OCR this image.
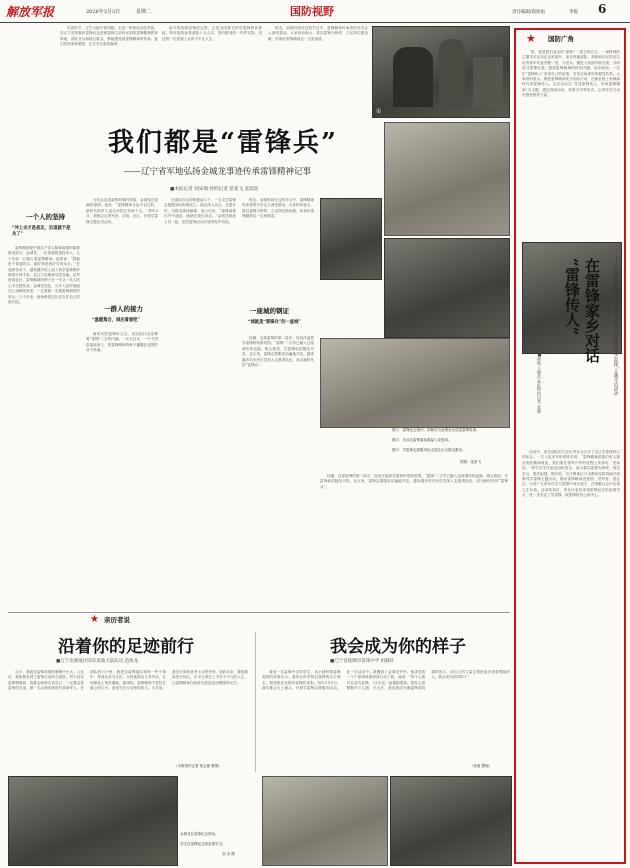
解放军报	2026年3月3日	星期二	国防视野	责任编辑/郑欣雨	李悦 6
早春时节，辽宁大地乍寒回暖。走进一军营间大队军营，在辽宁省抚顺市雷锋纪念馆和雷锋生前所在团的雷锋精神教育阵地，部队官兵和辖区群众，都能感受到雷锋精神的传承。他们的故事和感悟，正在书写新的篇章。
如今的抚顺雷锋纪念馆，已是全国著名的学雷锋教育基地，每年接待参观者数十万人次。馆内陈列的一件件实物，讲述着一位普通士兵的不平凡人生。
校友。前段时间在这档节目中，雷锋精神传承者的分享让人深受感动。大家纷纷表示，要以雷锋为榜样，立足岗位做贡献，传承好雷锋精神这一宝贵财富。
①
我们都是“雷锋兵”
——辽宁省军地弘扬金城龙事迹传承雷锋精神记事
■本报记者 刘宋瑞 特约记者 范希飞 袁琰琰
一个人的坚持
“冲上去才是战友，后退就不是兵了”
雷锋精神是中国共产党人精神谱系的重要组成部分。金城龙，一位普通的退役军人，几十年如一日践行着雷锋精神。他常说：“我就是个普通的兵，做好事是我应尽的本分。”在他的带动下，越来越多的人加入到学雷锋做好事的行列中来。从辽宁抚顺到全国各地，从军营到社区，雷锋精神的种子在一代又一代人的心中生根发芽。金城龙回忆，当年入伍时他就在心里暗暗发誓，一定要做一名像雷锋那样的好兵。几十年来，他始终把这句话当作自己的座右铭。
为官兵讲述雷锋故事的时候，金城龙总是满怀深情。他说：“雷锋精神永远不会过时，新时代的军人更应该把它传承下去。”每年3月，他都会走进军营、学校、社区，开展学雷锋主题宣讲活动。
一群人的接力
“温暖集合，城充着爱吧”
新时代的雷锋传人们，用实际行动诠释着“雷锋”二字的内涵。一名名官兵、一个个团队接续奋斗，把雷锋精神的种子播撒在祖国的各个角落。
在部队官兵的积极参与下，一支支学雷锋志愿服务队相继成立。他们深入社区、走进乡村，为群众排忧解难。战士们说：“雷锋离我们并不遥远，他就在我们身边。”金城龙和战士们一起，把学雷锋活动开展得有声有色。
校友。前段时间在这档节目中，雷锋精神传承者的分享让人深受感动。大家纷纷表示，要以雷锋为榜样，立足岗位做贡献，传承好雷锋精神这一宝贵财富。
一座城的钢证
“城就是“雷锋兵”的一座城”
抚顺，这座雷锋的第二故乡，处处洋溢着学雷锋的浓厚氛围。“雷锋”二字早已融入这座城市的血脉。街头巷尾，学雷锋标语随处可见；社区里，雷锋志愿服务站遍地开花。越来越多的市民自觉加入志愿者队伍，成为新时代的“雷锋兵”。
图①：雷锋纪念馆内，讲解员为参观官兵讲述雷锋故事。
图②：官兵在雷锋墓前重温入党誓词。
图③：学雷锋志愿服务队走进社区为群众服务。
供图：范希飞
抚顺，这座雷锋的第二故乡，处处洋溢着学雷锋的浓厚氛围。“雷锋”二字早已融入这座城市的血脉。街头巷尾，学雷锋标语随处可见；社区里，雷锋志愿服务站遍地开花。越来越多的市民自觉加入志愿者队伍，成为新时代的“雷锋兵”。
国防广角
★
“看，他是我们身边的‘雷锋’！”春日的长沙，一场特别的主题寻访活动在这里展开。来自驻地部队、高校和社区的百名优秀青年代表齐聚一堂，与老兵、模范人物面对面交流，共同追寻雷锋足迹，感悟雷锋精神的时代内涵。活动现场，一位位“雷锋传人”讲述自己的故事，引发在场青年的强烈共鸣。大家纷纷表示，要把雷锋精神化为实际行动，在新征程上争做新时代的雷锋传人。这次活动以“对话雷锋传人、传承雷锋精神”为主题，通过现场访谈、故事分享等形式，让青年在互动中感受榜样力量。
在雷锋家乡对话
“雷锋传人”	——长沙警备区携手市教育局开展“百名优秀青年学雷锋”主题寻访活动
■徐敏 王瑞浩 本报特约记者 张静
活动中，来自部队的几位优秀官兵分享了自己学雷锋的心得体会。一名入伍多年的老班长说：“雷锋精神是我们军人最宝贵的精神财富，我们要在强军兴军的征程上传承好、发扬好。”青年学生代表也纷纷发言，表示要以雷锋为榜样，刻苦学习，报效祖国。据介绍，长沙警备区与市教育局将持续开展系列学雷锋主题活动，推动雷锋精神进校园、进军营、进社区，引导广大青年在学习雷锋中成长成才，在奉献社会中实现人生价值。活动结束后，青年代表们来到雷锋纪念馆参观学习，进一步坚定了学雷锋、做雷锋的信心和决心。
★ 亲历者说
沿着你的足迹前行
■辽宁北部战区陆军某旅大队队员 范海龙
从小，我就在雷锋故事的熏陶中长大。入伍后，我如愿来到了雷锋生前所在部队。每当站在雷锋塑像前，我都会暗暗告诉自己：一定要沿着雷锋的足迹，做一名合格的新时代革命军人。在部队的日子里，我把学雷锋落实到每一件小事中：帮战友补习文化、为驻地群众义务劳动、在训练场上刻苦磨砺。我深知，雷锋精神不是挂在墙上的口号，而是写在行动里的担当。几年来，我先后荣获优秀士兵等荣誉。面向未来，我将继续坚守初心，在平凡岗位上书写不平凡的人生，让雷锋精神在新时代绽放更加璀璨的光芒。
（本报特约记者 郭志敏 整理）
我会成为你的样子
■辽宁省抚顺市雷锋中学 祖静轩
我是一名雷锋中学的学生，从小就听着雷锋叔叔的故事长大。我所在的学校以雷锋的名字命名，校园里处处都有雷锋的身影。每年3月5日，我们都会走上街头，开展学雷锋志愿服务活动。在一次活动中，我遇到了金城龙爷爷。他讲述的一个个雷锋故事深深打动了我。他说：“每个人都可以成为雷锋。”这句话一直激励着我。我在心里默默许下心愿：长大后，我也要成为像雷锋叔叔那样的人，用自己的力量去帮助更多需要帮助的人。我会成为你的样子！
（张毅 整理）
金城龙在雷锋纪念馆前。
学生在雷锋纪念馆参观学习。
刘 宋 摄
